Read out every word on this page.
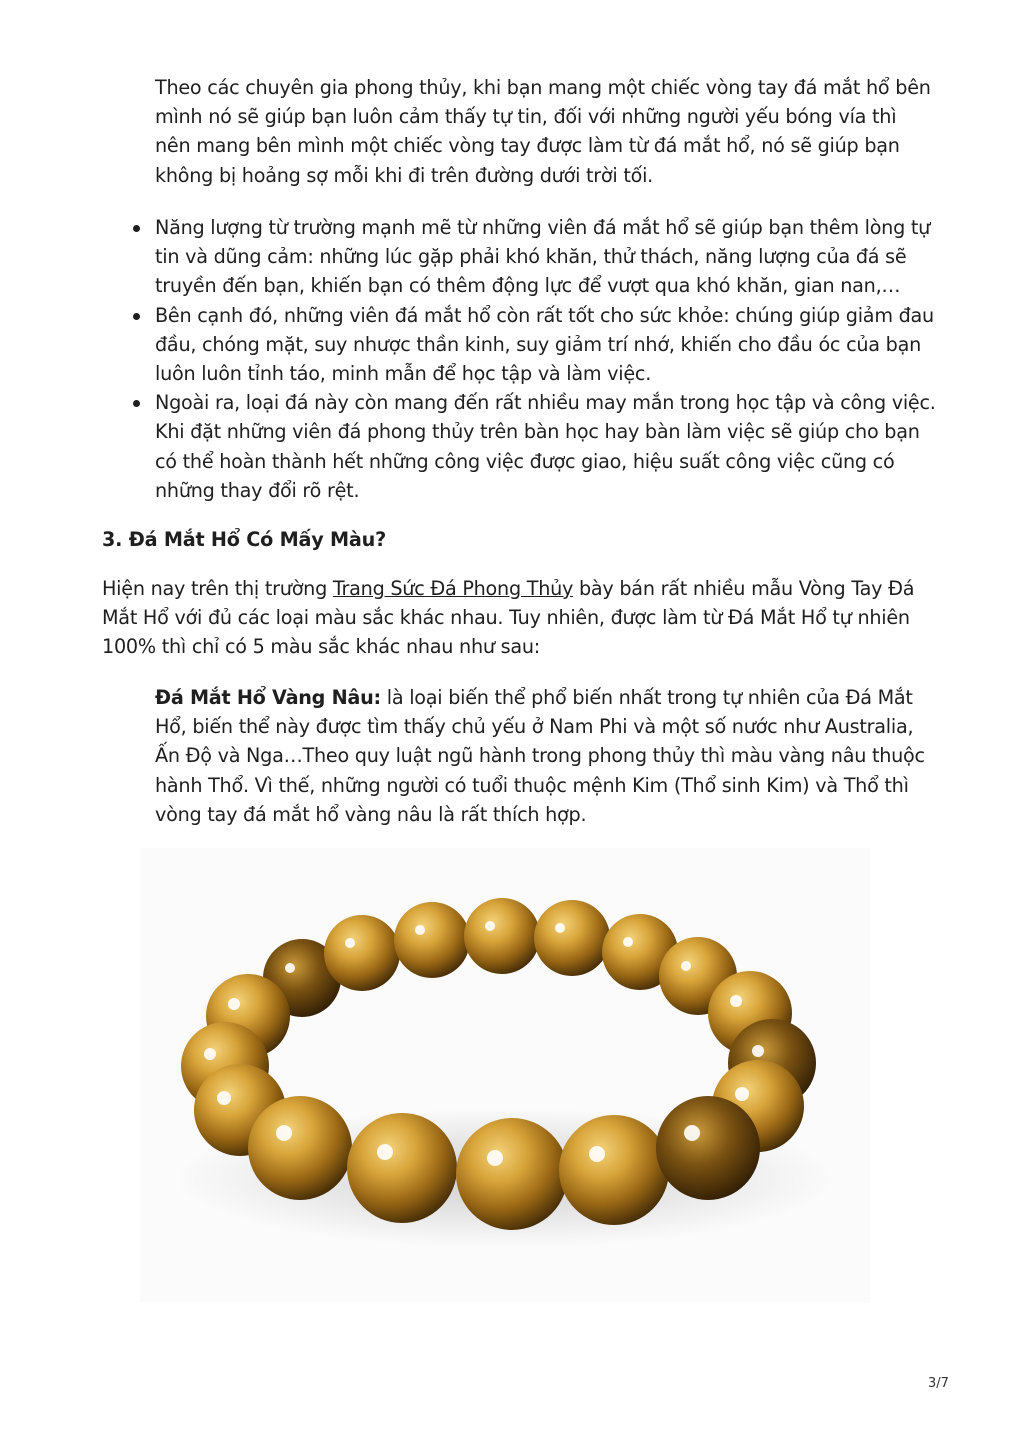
Theo các chuyên gia phong thủy, khi bạn mang một chiếc vòng tay đá mắt hổ bên mình nó sẽ giúp bạn luôn cảm thấy tự tin, đối với những người yếu bóng vía thì nên mang bên mình một chiếc vòng tay được làm từ đá mắt hổ, nó sẽ giúp bạn không bị hoảng sợ mỗi khi đi trên đường dưới trời tối.

Năng lượng từ trường mạnh mẽ từ những viên đá mắt hổ sẽ giúp bạn thêm lòng tự tin và dũng cảm: những lúc gặp phải khó khăn, thử thách, năng lượng của đá sẽ truyền đến bạn, khiến bạn có thêm động lực để vượt qua khó khăn, gian nan,…
Bên cạnh đó, những viên đá mắt hổ còn rất tốt cho sức khỏe: chúng giúp giảm đau đầu, chóng mặt, suy nhược thần kinh, suy giảm trí nhớ, khiến cho đầu óc của bạn luôn luôn tỉnh táo, minh mẫn để học tập và làm việc.
Ngoài ra, loại đá này còn mang đến rất nhiều may mắn trong học tập và công việc. Khi đặt những viên đá phong thủy trên bàn học hay bàn làm việc sẽ giúp cho bạn có thể hoàn thành hết những công việc được giao, hiệu suất công việc cũng có những thay đổi rõ rệt.
3. Đá Mắt Hổ Có Mấy Màu?

Hiện nay trên thị trường Trang Sức Đá Phong Thủy bày bán rất nhiều mẫu Vòng Tay Đá Mắt Hổ với đủ các loại màu sắc khác nhau. Tuy nhiên, được làm từ Đá Mắt Hổ tự nhiên 100% thì chỉ có 5 màu sắc khác nhau như sau:

Đá Mắt Hổ Vàng Nâu: là loại biến thể phổ biến nhất trong tự nhiên của Đá Mắt Hổ, biến thể này được tìm thấy chủ yếu ở Nam Phi và một số nước như Australia, Ấn Độ và Nga…Theo quy luật ngũ hành trong phong thủy thì màu vàng nâu thuộc hành Thổ. Vì thế, những người có tuổi thuộc mệnh Kim (Thổ sinh Kim) và Thổ thì vòng tay đá mắt hổ vàng nâu là rất thích hợp.

3/7
